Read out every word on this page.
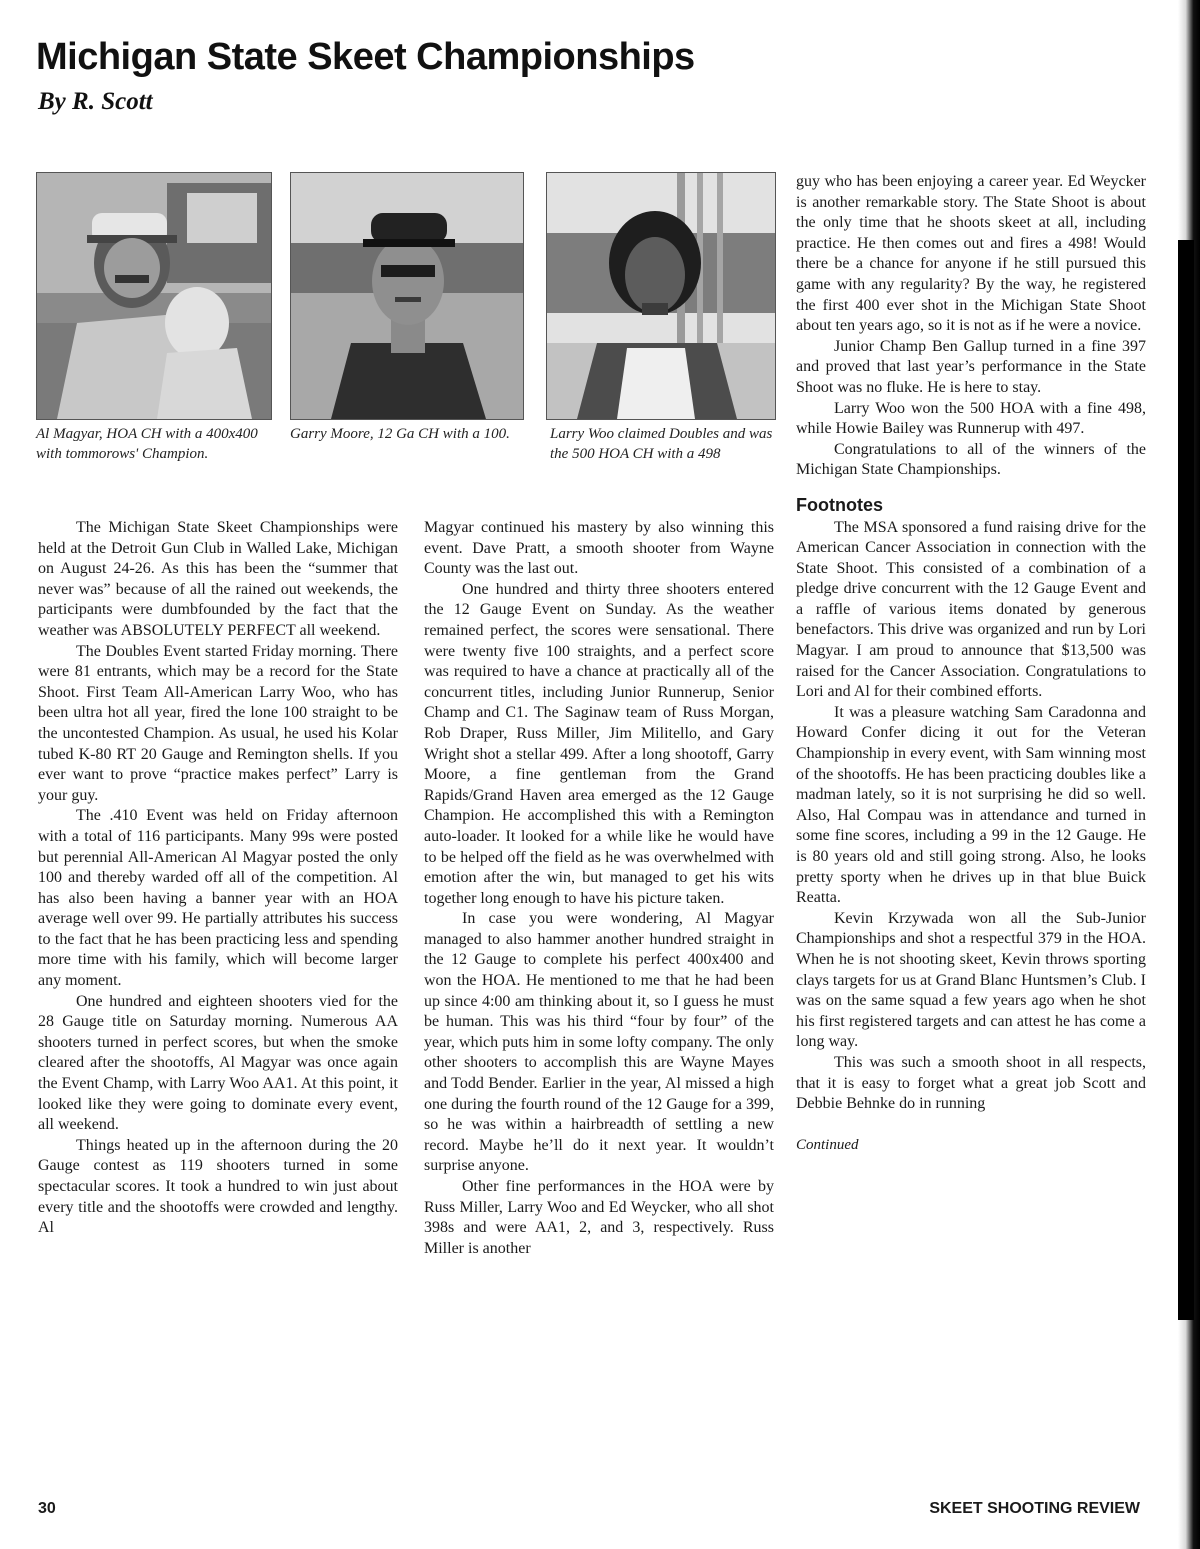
Michigan State Skeet Championships

By R. Scott

Al Magyar, HOA CH with a 400x400 with tommorows' Champion.

Garry Moore, 12 Ga CH with a 100.	Larry Woo claimed Doubles and was the 500 HOA CH with a 498

The Michigan State Skeet Championships were held at the Detroit Gun Club in Walled Lake, Michigan on August 24-26. As this has been the “summer that never was” because of all the rained out weekends, the participants were dumbfounded by the fact that the weather was ABSOLUTELY PERFECT all weekend.

The Doubles Event started Friday morning. There were 81 entrants, which may be a record for the State Shoot. First Team All-American Larry Woo, who has been ultra hot all year, fired the lone 100 straight to be the uncontested Champion. As usual, he used his Kolar tubed K-80 RT 20 Gauge and Remington shells. If you ever want to prove “practice makes perfect” Larry is your guy.

The .410 Event was held on Friday afternoon with a total of 116 participants. Many 99s were posted but perennial All-American Al Magyar posted the only 100 and thereby warded off all of the competition. Al has also been having a banner year with an HOA average well over 99. He partially attributes his success to the fact that he has been practicing less and spending more time with his family, which will become larger any moment.

One hundred and eighteen shooters vied for the 28 Gauge title on Saturday morning. Numerous AA shooters turned in perfect scores, but when the smoke cleared after the shootoffs, Al Magyar was once again the Event Champ, with Larry Woo AA1. At this point, it looked like they were going to dominate every event, all weekend.

Things heated up in the afternoon during the 20 Gauge contest as 119 shooters turned in some spectacular scores. It took a hundred to win just about every title and the shootoffs were crowded and lengthy. Al

Magyar continued his mastery by also winning this event. Dave Pratt, a smooth shooter from Wayne County was the last out.

One hundred and thirty three shooters entered the 12 Gauge Event on Sunday. As the weather remained perfect, the scores were sensational. There were twenty five 100 straights, and a perfect score was required to have a chance at practically all of the concurrent titles, including Junior Runnerup, Senior Champ and C1. The Saginaw team of Russ Morgan, Rob Draper, Russ Miller, Jim Militello, and Gary Wright shot a stellar 499. After a long shootoff, Garry Moore, a fine gentleman from the Grand Rapids/Grand Haven area emerged as the 12 Gauge Champion. He accomplished this with a Remington auto-loader. It looked for a while like he would have to be helped off the field as he was overwhelmed with emotion after the win, but managed to get his wits together long enough to have his picture taken.

In case you were wondering, Al Magyar managed to also hammer another hundred straight in the 12 Gauge to complete his perfect 400x400 and won the HOA. He mentioned to me that he had been up since 4:00 am thinking about it, so I guess he must be human. This was his third “four by four” of the year, which puts him in some lofty company. The only other shooters to accomplish this are Wayne Mayes and Todd Bender. Earlier in the year, Al missed a high one during the fourth round of the 12 Gauge for a 399, so he was within a hairbreadth of settling a new record. Maybe he’ll do it next year. It wouldn’t surprise anyone.

Other fine performances in the HOA were by Russ Miller, Larry Woo and Ed Weycker, who all shot 398s and were AA1, 2, and 3, respectively. Russ Miller is another

guy who has been enjoying a career year. Ed Weycker is another remarkable story. The State Shoot is about the only time that he shoots skeet at all, including practice. He then comes out and fires a 498! Would there be a chance for anyone if he still pursued this game with any regularity? By the way, he registered the first 400 ever shot in the Michigan State Shoot about ten years ago, so it is not as if he were a novice.

Junior Champ Ben Gallup turned in a fine 397 and proved that last year’s performance in the State Shoot was no fluke. He is here to stay.

Larry Woo won the 500 HOA with a fine 498, while Howie Bailey was Runnerup with 497.

Congratulations to all of the winners of the Michigan State Championships.

Footnotes

The MSA sponsored a fund raising drive for the American Cancer Association in connection with the State Shoot. This consisted of a combination of a pledge drive concurrent with the 12 Gauge Event and a raffle of various items donated by generous benefactors. This drive was organized and run by Lori Magyar. I am proud to announce that $13,500 was raised for the Cancer Association. Congratulations to Lori and Al for their combined efforts.

It was a pleasure watching Sam Caradonna and Howard Confer dicing it out for the Veteran Championship in every event, with Sam winning most of the shootoffs. He has been practicing doubles like a madman lately, so it is not surprising he did so well. Also, Hal Compau was in attendance and turned in some fine scores, including a 99 in the 12 Gauge. He is 80 years old and still going strong. Also, he looks pretty sporty when he drives up in that blue Buick Reatta.

Kevin Krzywada won all the Sub-Junior Championships and shot a respectful 379 in the HOA. When he is not shooting skeet, Kevin throws sporting clays targets for us at Grand Blanc Huntsmen’s Club. I was on the same squad a few years ago when he shot his first registered targets and can attest he has come a long way.

This was such a smooth shoot in all respects, that it is easy to forget what a great job Scott and Debbie Behnke do in running

Continued
30	SKEET SHOOTING REVIEW
